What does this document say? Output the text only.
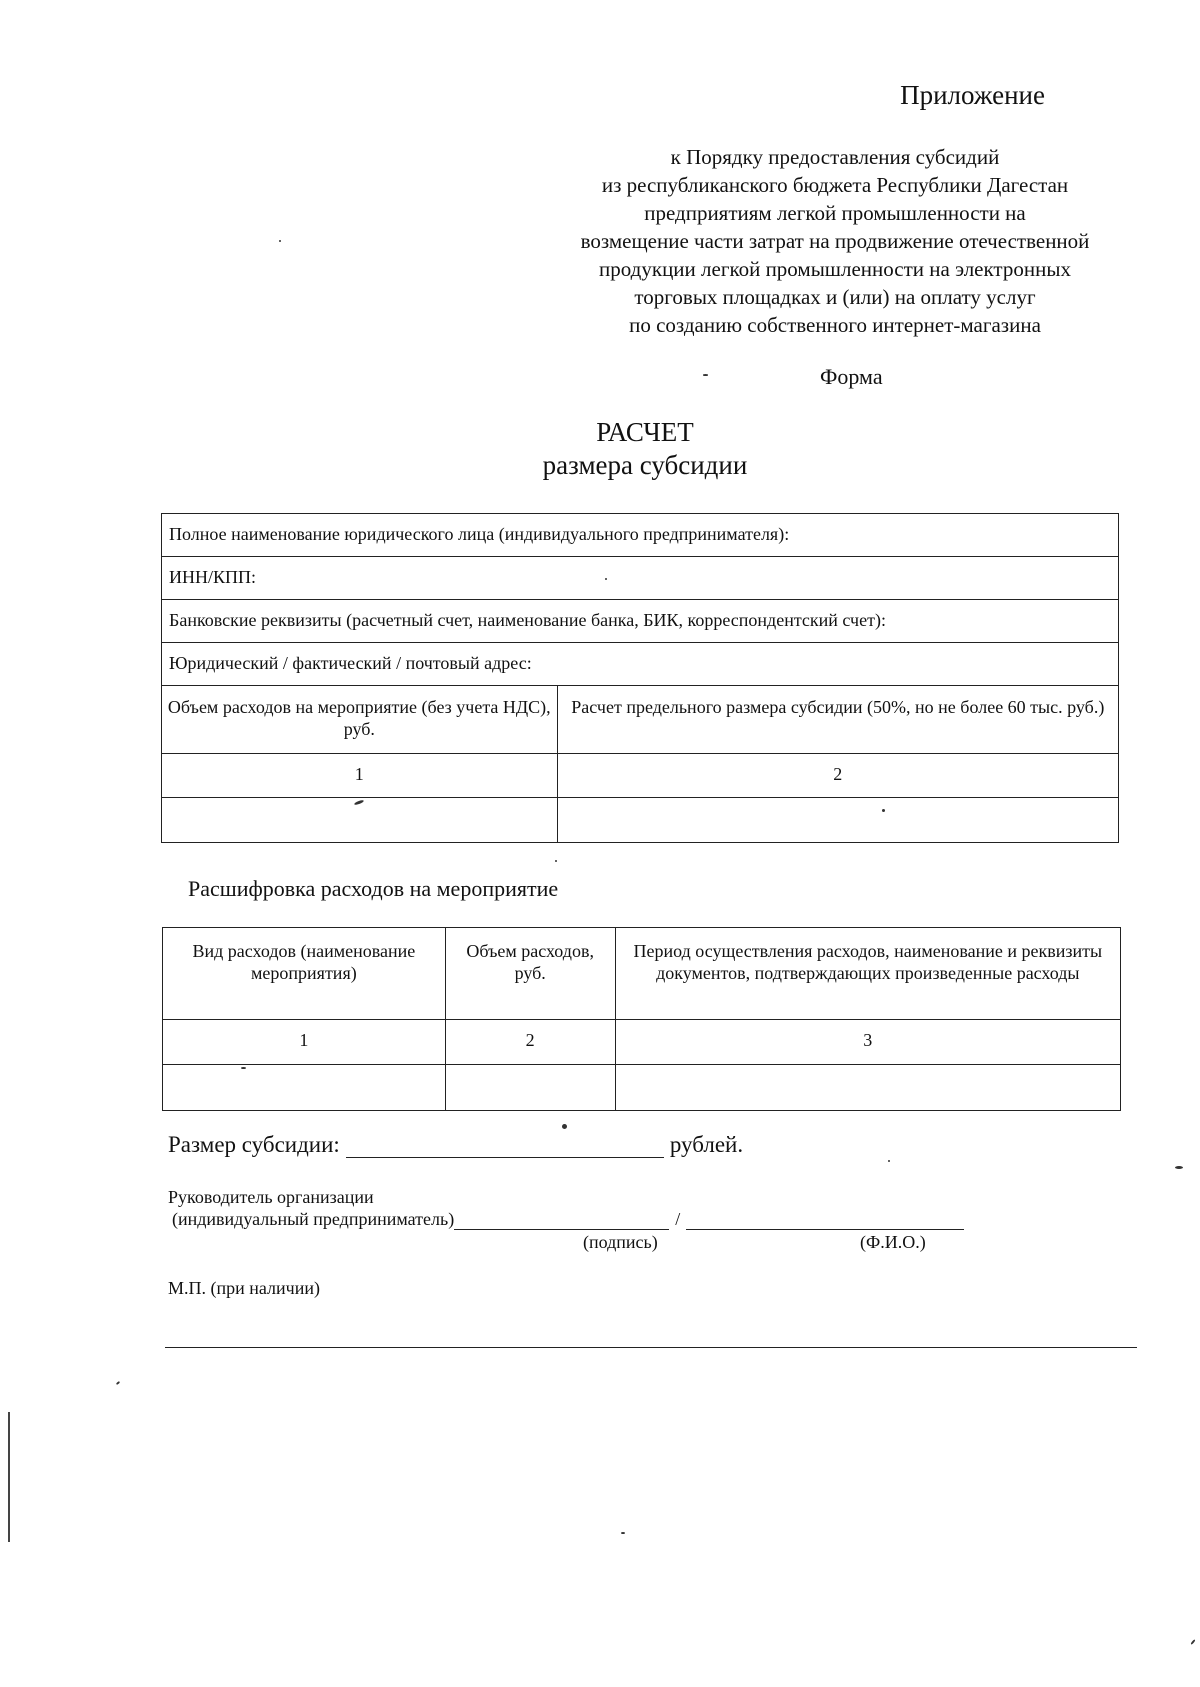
Приложение
к Порядку предоставления субсидий
из республиканского бюджета Республики Дагестан
предприятиям легкой промышленности на
возмещение части затрат на продвижение отечественной
продукции легкой промышленности на электронных
торговых площадках и (или) на оплату услуг
по созданию собственного интернет-магазина
Форма
РАСЧЕТ
размера субсидии
Полное наименование юридического лица (индивидуального предпринимателя):	
ИНН/КПП:	
Банковские реквизиты (расчетный счет, наименование банка, БИК, корреспондентский счет):	
Юридический / фактический / почтовый адрес:	
Объем расходов на мероприятие (без учета НДС), руб.	Расчет предельного размера субсидии (50%, но не более 60 тыс. руб.)
1	2

Расшифровка расходов на мероприятие
Вид расходов (наименование мероприятия)	Объем расходов, руб.	Период осуществления расходов, наименование и реквизиты документов, подтверждающих произведенные расходы
1	2	3

Размер субсидии:	рублей.
Руководитель организации
(индивидуальный предприниматель)	/
(подпись)	(Ф.И.О.)
М.П. (при наличии)
